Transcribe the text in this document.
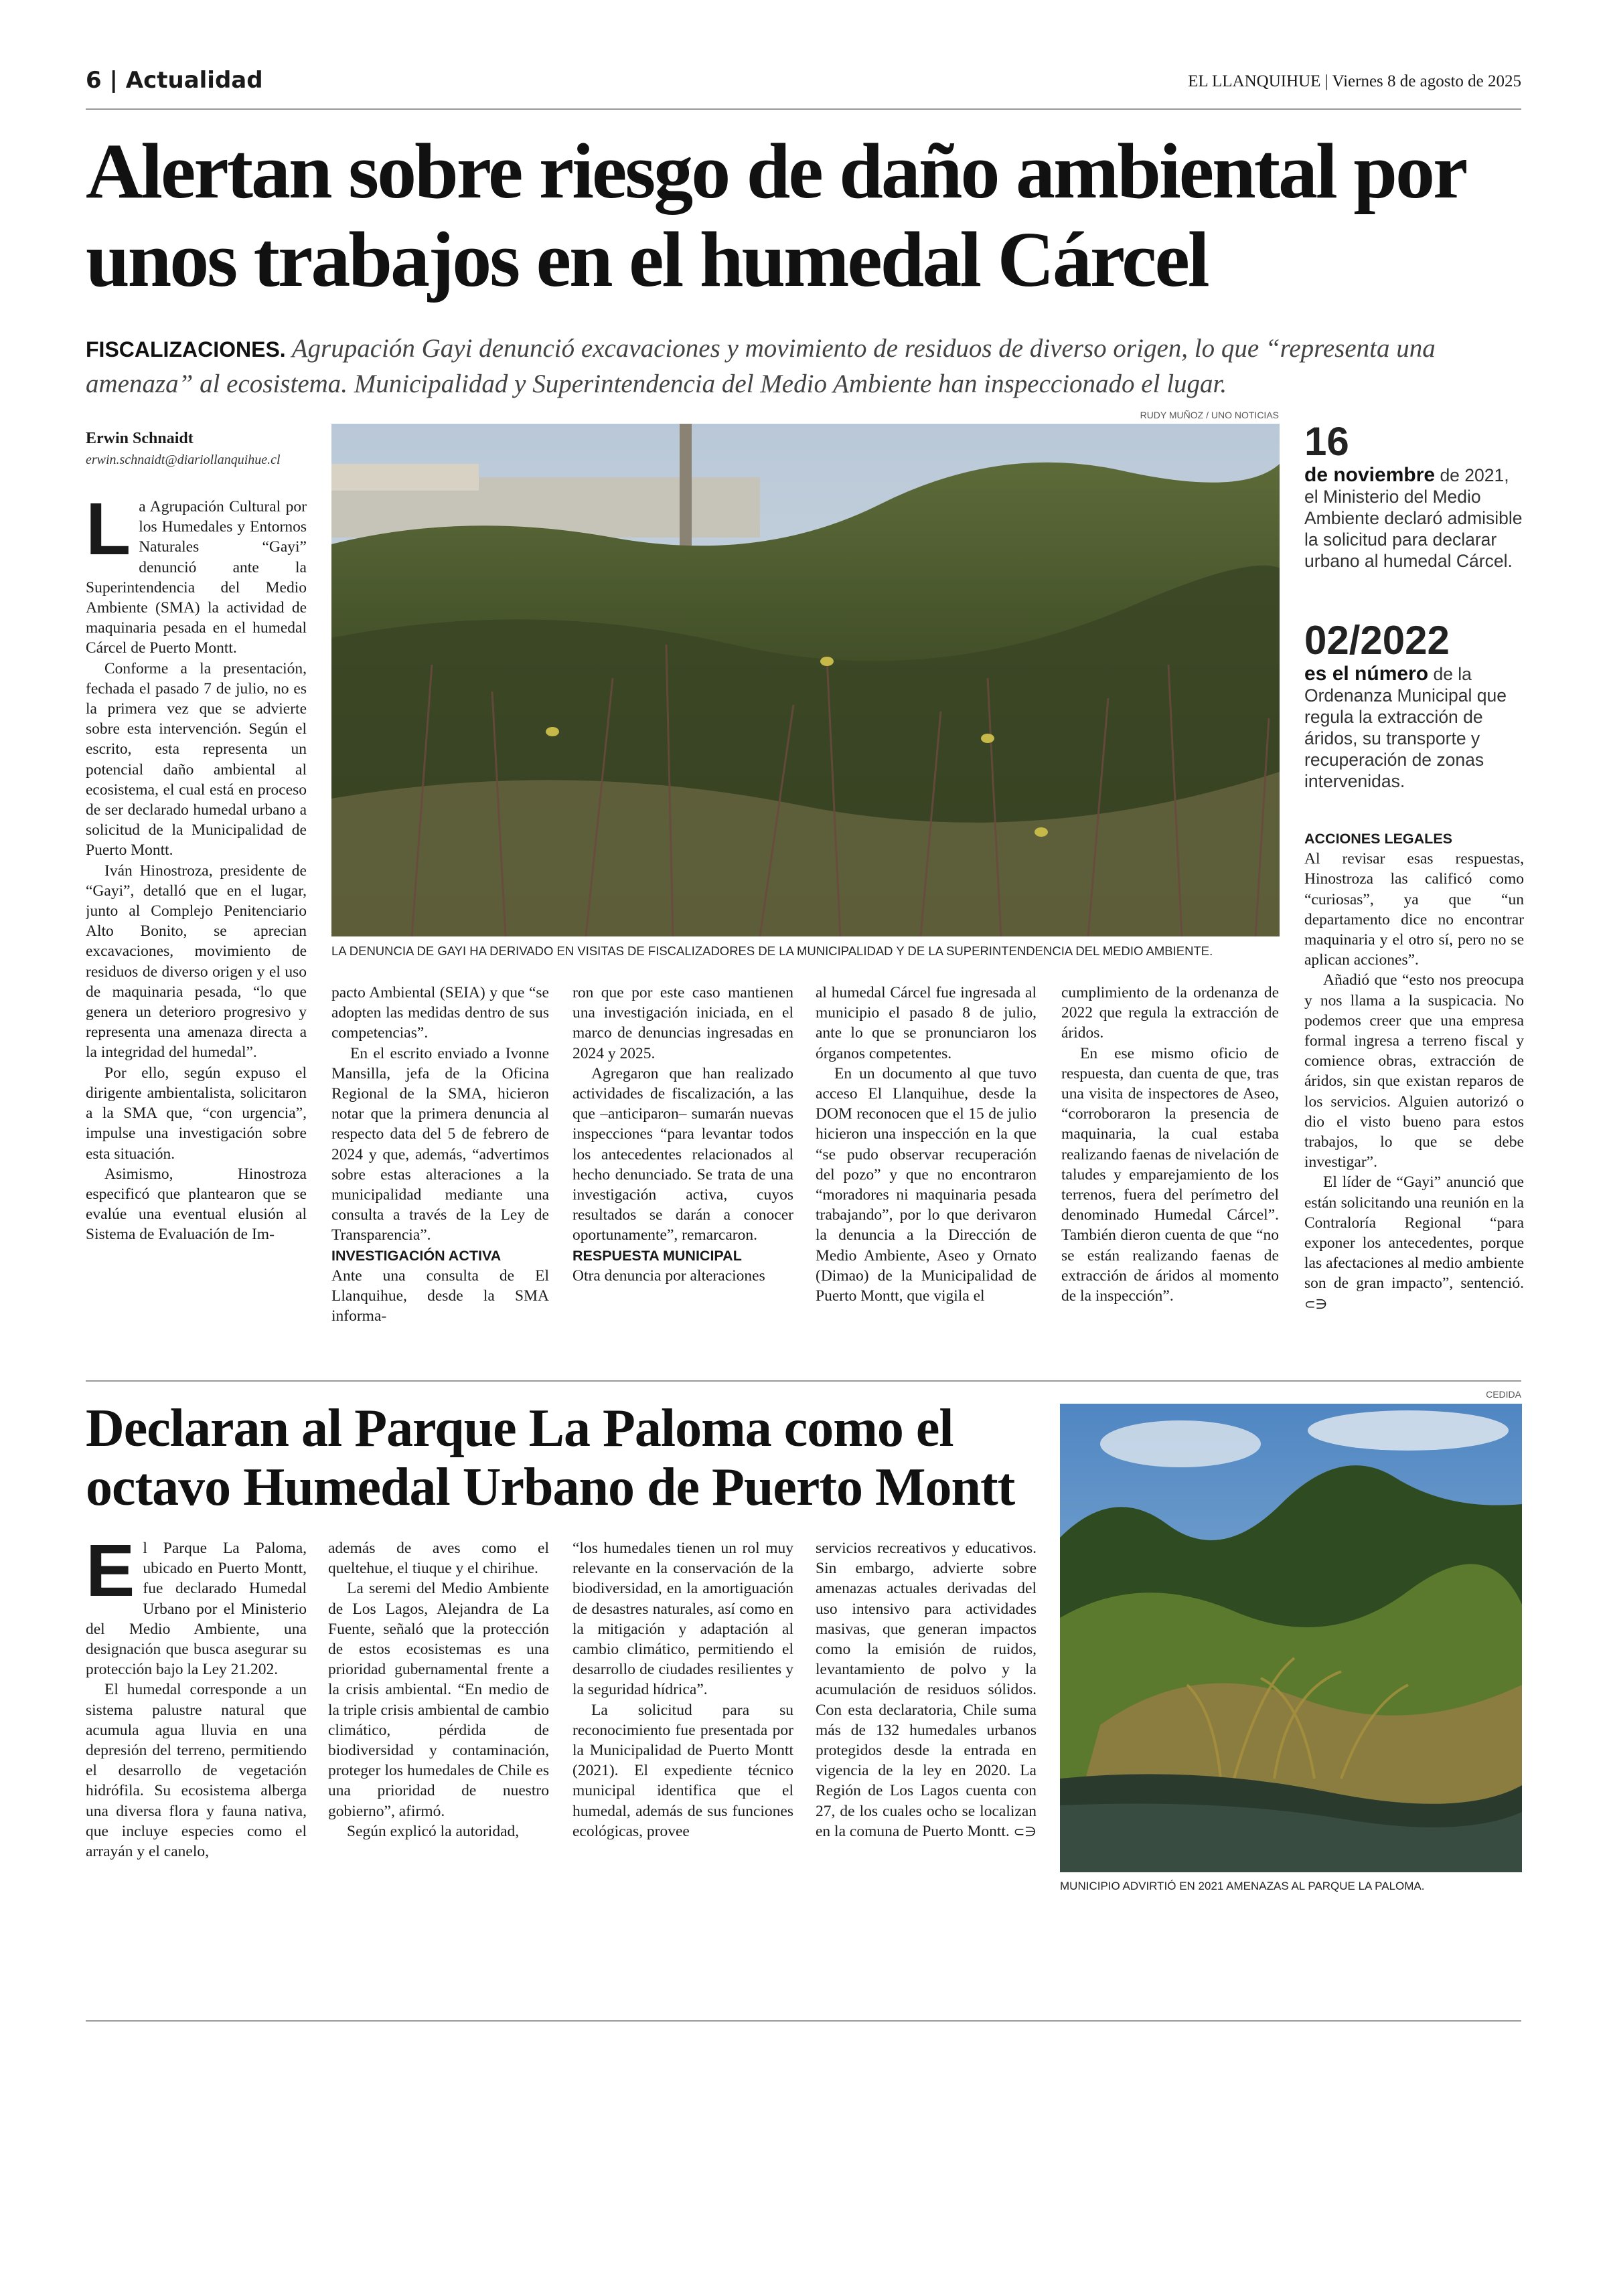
6 | Actualidad	EL LLANQUIHUE | Viernes 8 de agosto de 2025
Alertan sobre riesgo de daño ambiental por unos trabajos en el humedal Cárcel
FISCALIZACIONES. Agrupación Gayi denunció excavaciones y movimiento de residuos de diverso origen, lo que “representa una amenaza” al ecosistema. Municipalidad y Superintendencia del Medio Ambiente han inspeccionado el lugar.
Erwin Schnaidt
erwin.schnaidt@diariollanquihue.cl
RUDY MUÑOZ / UNO NOTICIAS
LA DENUNCIA DE GAYI HA DERIVADO EN VISITAS DE FISCALIZADORES DE LA MUNICIPALIDAD Y DE LA SUPERINTENDENCIA DEL MEDIO AMBIENTE.

La Agrupación Cultural por los Humedales y Entornos Naturales “Gayi” denunció ante la Superintendencia del Medio Ambiente (SMA) la actividad de maquinaria pesada en el humedal Cárcel de Puerto Montt.

Conforme a la presentación, fechada el pasado 7 de julio, no es la primera vez que se advierte sobre esta intervención. Según el escrito, esta representa un potencial daño ambiental al ecosistema, el cual está en proceso de ser declarado humedal urbano a solicitud de la Municipalidad de Puerto Montt.

Iván Hinostroza, presidente de “Gayi”, detalló que en el lugar, junto al Complejo Penitenciario Alto Bonito, se aprecian excavaciones, movimiento de residuos de diverso origen y el uso de maquinaria pesada, “lo que genera un deterioro progresivo y representa una amenaza directa a la integridad del humedal”.

Por ello, según expuso el dirigente ambientalista, solicitaron a la SMA que, “con urgencia”, impulse una investigación sobre esta situación.

Asimismo, Hinostroza especificó que plantearon que se evalúe una eventual elusión al Sistema de Evaluación de Im-

pacto Ambiental (SEIA) y que “se adopten las medidas dentro de sus competencias”.

En el escrito enviado a Ivonne Mansilla, jefa de la Oficina Regional de la SMA, hicieron notar que la primera denuncia al respecto data del 5 de febrero de 2024 y que, además, “advertimos sobre estas alteraciones a la municipalidad mediante una consulta a través de la Ley de Transparencia”.

INVESTIGACIÓN ACTIVA

Ante una consulta de El Llanquihue, desde la SMA informa-

ron que por este caso mantienen una investigación iniciada, en el marco de denuncias ingresadas en 2024 y 2025.

Agregaron que han realizado actividades de fiscalización, a las que –anticiparon– sumarán nuevas inspecciones “para levantar todos los antecedentes relacionados al hecho denunciado. Se trata de una investigación activa, cuyos resultados se darán a conocer oportunamente”, remarcaron.

RESPUESTA MUNICIPAL

Otra denuncia por alteraciones

al humedal Cárcel fue ingresada al municipio el pasado 8 de julio, ante lo que se pronunciaron los órganos competentes.

En un documento al que tuvo acceso El Llanquihue, desde la DOM reconocen que el 15 de julio hicieron una inspección en la que “se pudo observar recuperación del pozo” y que no encontraron “moradores ni maquinaria pesada trabajando”, por lo que derivaron la denuncia a la Dirección de Medio Ambiente, Aseo y Ornato (Dimao) de la Municipalidad de Puerto Montt, que vigila el

cumplimiento de la ordenanza de 2022 que regula la extracción de áridos.

En ese mismo oficio de respuesta, dan cuenta de que, tras una visita de inspectores de Aseo, “corroboraron la presencia de maquinaria, la cual estaba realizando faenas de nivelación de taludes y emparejamiento de los terrenos, fuera del perímetro del denominado Humedal Cárcel”. También dieron cuenta de que “no se están realizando faenas de extracción de áridos al momento de la inspección”.

16
de noviembre de 2021, el Ministerio del Medio Ambiente declaró admisible la solicitud para declarar urbano al humedal Cárcel.
02/2022
es el número de la Ordenanza Municipal que regula la extracción de áridos, su transporte y recuperación de zonas intervenidas.

ACCIONES LEGALES

Al revisar esas respuestas, Hinostroza las calificó como “curiosas”, ya que “un departamento dice no encontrar maquinaria y el otro sí, pero no se aplican acciones”.

Añadió que “esto nos preocupa y nos llama a la suspicacia. No podemos creer que una empresa formal ingresa a terreno fiscal y comience obras, extracción de áridos, sin que existan reparos de los servicios. Alguien autorizó o dio el visto bueno para estos trabajos, lo que se debe investigar”.

El líder de “Gayi” anunció que están solicitando una reunión en la Contraloría Regional “para exponer los antecedentes, porque las afectaciones al medio ambiente son de gran impacto”, sentenció. ⊂∋

Declaran al Parque La Paloma como el octavo Humedal Urbano de Puerto Montt

El Parque La Paloma, ubicado en Puerto Montt, fue declarado Humedal Urbano por el Ministerio del Medio Ambiente, una designación que busca asegurar su protección bajo la Ley 21.202.

El humedal corresponde a un sistema palustre natural que acumula agua lluvia en una depresión del terreno, permitiendo el desarrollo de vegetación hidrófila. Su ecosistema alberga una diversa flora y fauna nativa, que incluye especies como el arrayán y el canelo,

además de aves como el queltehue, el tiuque y el chirihue.

La seremi del Medio Ambiente de Los Lagos, Alejandra de La Fuente, señaló que la protección de estos ecosistemas es una prioridad gubernamental frente a la crisis ambiental. “En medio de la triple crisis ambiental de cambio climático, pérdida de biodiversidad y contaminación, proteger los humedales de Chile es una prioridad de nuestro gobierno”, afirmó.

Según explicó la autoridad,

“los humedales tienen un rol muy relevante en la conservación de la biodiversidad, en la amortiguación de desastres naturales, así como en la mitigación y adaptación al cambio climático, permitiendo el desarrollo de ciudades resilientes y la seguridad hídrica”.

La solicitud para su reconocimiento fue presentada por la Municipalidad de Puerto Montt (2021). El expediente técnico municipal identifica que el humedal, además de sus funciones ecológicas, provee

servicios recreativos y educativos. Sin embargo, advierte sobre amenazas actuales derivadas del uso intensivo para actividades masivas, que generan impactos como la emisión de ruidos, levantamiento de polvo y la acumulación de residuos sólidos. Con esta declaratoria, Chile suma más de 132 humedales urbanos protegidos desde la entrada en vigencia de la ley en 2020. La Región de Los Lagos cuenta con 27, de los cuales ocho se localizan en la comuna de Puerto Montt. ⊂∋

CEDIDA
MUNICIPIO ADVIRTIÓ EN 2021 AMENAZAS AL PARQUE LA PALOMA.
